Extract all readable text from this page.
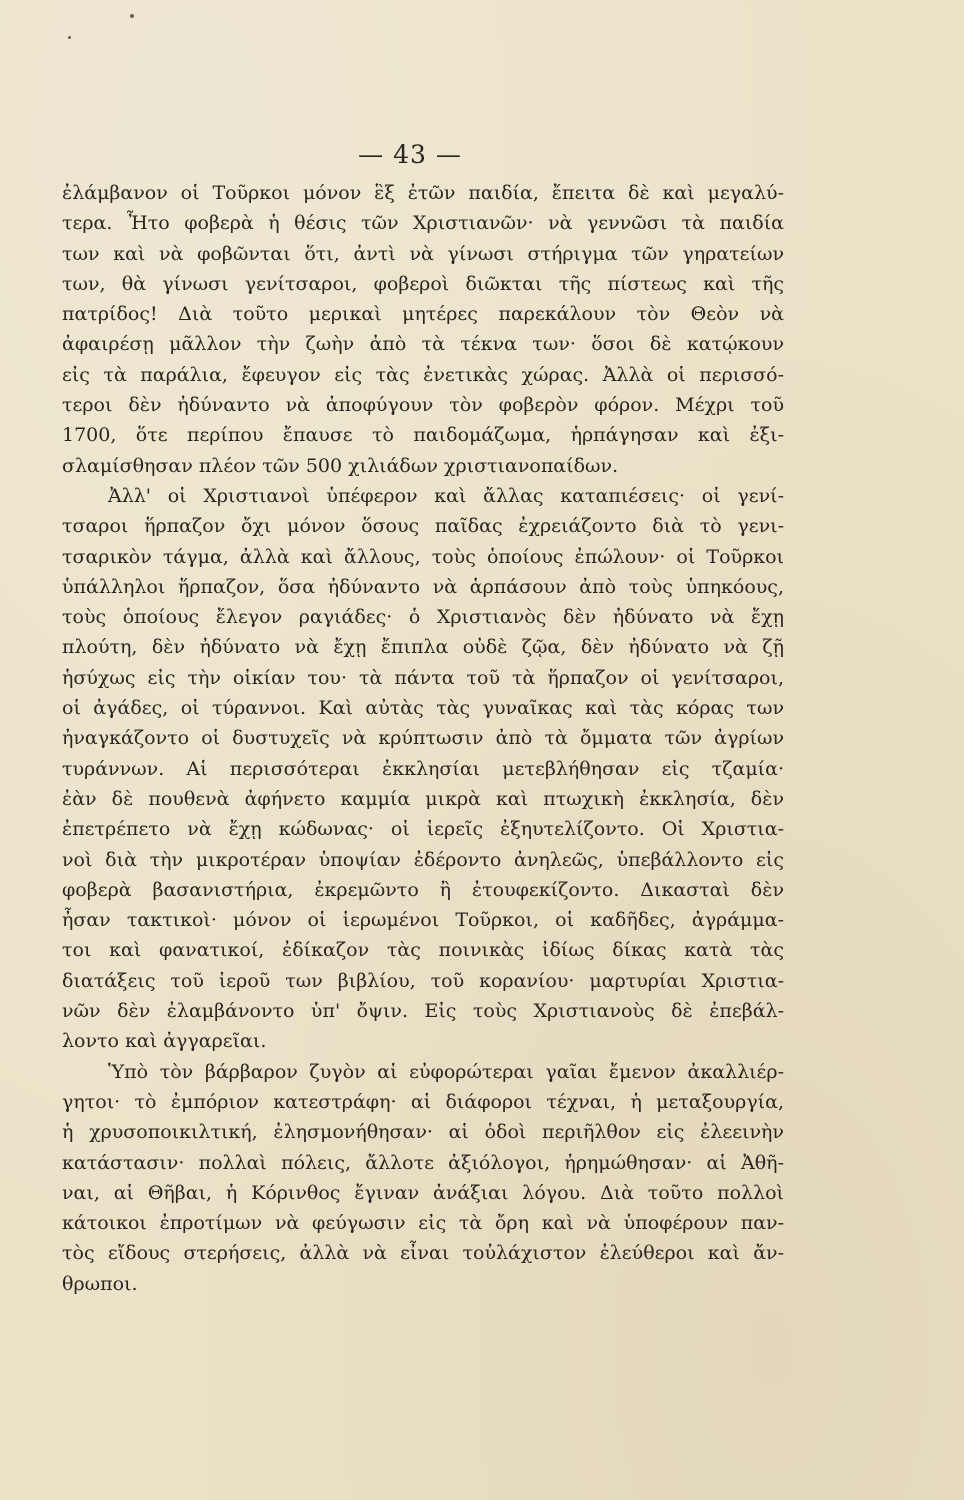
— 43 —
ἐλάμβανον οἱ Τοῦρκοι μόνον ἓξ ἐτῶν παιδία, ἔπειτα δὲ καὶ μεγαλύ-
τερα. Ἦτο φοβερὰ ἡ θέσις τῶν Χριστιανῶν· νὰ γεννῶσι τὰ παιδία
των καὶ νὰ φοβῶνται ὅτι, ἀντὶ νὰ γίνωσι στήριγμα τῶν γηρατείων
των, θὰ γίνωσι γενίτσαροι, φοβεροὶ διῶκται τῆς πίστεως καὶ τῆς
πατρίδος! Διὰ τοῦτο μερικαὶ μητέρες παρεκάλουν τὸν Θεὸν νὰ
ἀφαιρέσῃ μᾶλλον τὴν ζωὴν ἀπὸ τὰ τέκνα των· ὅσοι δὲ κατῴκουν
εἰς τὰ παράλια, ἔφευγον εἰς τὰς ἐνετικὰς χώρας. Ἀλλὰ οἱ περισσό-
τεροι δὲν ἠδύναντο νὰ ἀποφύγουν τὸν φοβερὸν φόρον. Μέχρι τοῦ
1700, ὅτε περίπου ἔπαυσε τὸ παιδομάζωμα, ἡρπάγησαν καὶ ἐξι-
σλαμίσθησαν πλέον τῶν 500 χιλιάδων χριστιανοπαίδων.
Ἀλλ' οἱ Χριστιανοὶ ὑπέφερον καὶ ἄλλας καταπιέσεις· οἱ γενί-
τσαροι ἥρπαζον ὄχι μόνον ὅσους παῖδας ἐχρειάζοντο διὰ τὸ γενι-
τσαρικὸν τάγμα, ἀλλὰ καὶ ἄλλους, τοὺς ὁποίους ἐπώλουν· οἱ Τοῦρκοι
ὑπάλληλοι ἥρπαζον, ὅσα ἠδύναντο νὰ ἁρπάσουν ἀπὸ τοὺς ὑπηκόους,
τοὺς ὁποίους ἔλεγον ραγιάδες· ὁ Χριστιανὸς δὲν ἠδύνατο νὰ ἔχῃ
πλούτη, δὲν ἠδύνατο νὰ ἔχῃ ἔπιπλα οὐδὲ ζῷα, δὲν ἠδύνατο νὰ ζῇ
ἡσύχως εἰς τὴν οἰκίαν του· τὰ πάντα τοῦ τὰ ἥρπαζον οἱ γενίτσαροι,
οἱ ἀγάδες, οἱ τύραννοι. Καὶ αὐτὰς τὰς γυναῖκας καὶ τὰς κόρας των
ἠναγκάζοντο οἱ δυστυχεῖς νὰ κρύπτωσιν ἀπὸ τὰ ὄμματα τῶν ἀγρίων
τυράννων. Αἱ περισσότεραι ἐκκλησίαι μετεβλήθησαν εἰς τζαμία·
ἐὰν δὲ πουθενὰ ἀφήνετο καμμία μικρὰ καὶ πτωχικὴ ἐκκλησία, δὲν
ἐπετρέπετο νὰ ἔχῃ κώδωνας· οἱ ἱερεῖς ἐξηυτελίζοντο. Οἱ Χριστια-
νοὶ διὰ τὴν μικροτέραν ὑποψίαν ἐδέροντο ἀνηλεῶς, ὑπεβάλλοντο εἰς
φοβερὰ βασανιστήρια, ἐκρεμῶντο ἢ ἐτουφεκίζοντο. Δικασταὶ δὲν
ἦσαν τακτικοὶ· μόνον οἱ ἱερωμένοι Τοῦρκοι, οἱ καδῆδες, ἀγράμμα-
τοι καὶ φανατικοί, ἐδίκαζον τὰς ποινικὰς ἰδίως δίκας κατὰ τὰς
διατάξεις τοῦ ἱεροῦ των βιβλίου, τοῦ κορανίου· μαρτυρίαι Χριστια-
νῶν δὲν ἐλαμβάνοντο ὑπ' ὄψιν. Εἰς τοὺς Χριστιανοὺς δὲ ἐπεβάλ-
λοντο καὶ ἀγγαρεῖαι.
Ὑπὸ τὸν βάρβαρον ζυγὸν αἱ εὐφορώτεραι γαῖαι ἔμενον ἀκαλλιέρ-
γητοι· τὸ ἐμπόριον κατεστράφη· αἱ διάφοροι τέχναι, ἡ μεταξουργία,
ἡ χρυσοποικιλτική, ἐλησμονήθησαν· αἱ ὁδοὶ περιῆλθον εἰς ἐλεεινὴν
κατάστασιν· πολλαὶ πόλεις, ἄλλοτε ἀξιόλογοι, ἠρημώθησαν· αἱ Ἀθῆ-
ναι, αἱ Θῆβαι, ἡ Κόρινθος ἔγιναν ἀνάξιαι λόγου. Διὰ τοῦτο πολλοὶ
κάτοικοι ἐπροτίμων νὰ φεύγωσιν εἰς τὰ ὄρη καὶ νὰ ὑποφέρουν παν-
τὸς εἴδους στερήσεις, ἀλλὰ νὰ εἶναι τοὐλάχιστον ἐλεύθεροι καὶ ἄν-
θρωποι.
